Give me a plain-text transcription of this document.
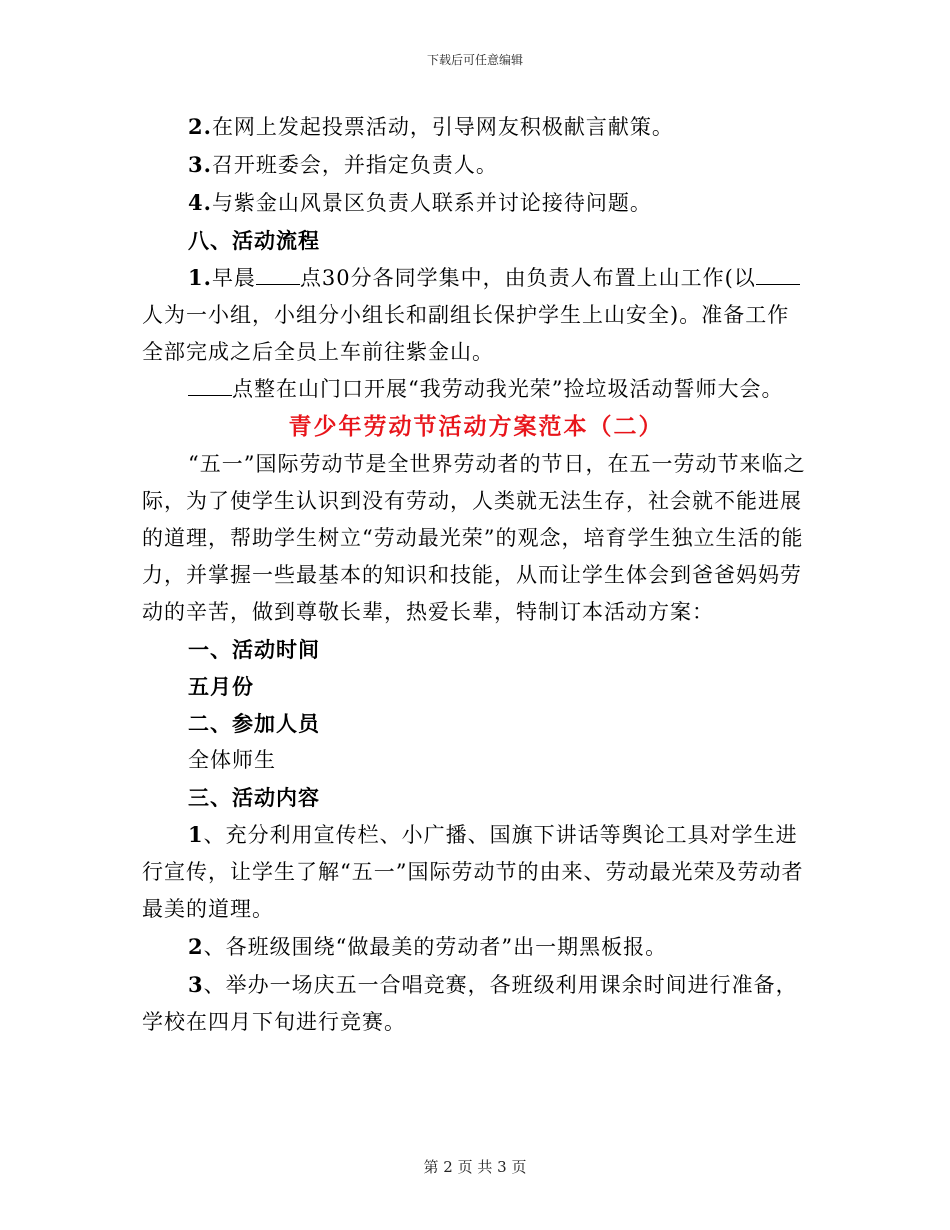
下载后可任意编辑

2.在网上发起投票活动，引导网友积极献言献策。

3.召开班委会，并指定负责人。

4.与紫金山风景区负责人联系并讨论接待问题。

八、活动流程

1.早晨 点30分各同学集中，由负责人布置上山工作(以人为一小组，小组分小组长和副组长保护学生上山安全)。准备工作全部完成之后全员上车前往紫金山。

点整在山门口开展“我劳动我光荣”捡垃圾活动誓师大会。

青少年劳动节活动方案范本（二）

“五一”国际劳动节是全世界劳动者的节日，在五一劳动节来临之际，为了使学生认识到没有劳动，人类就无法生存，社会就不能进展的道理，帮助学生树立“劳动最光荣”的观念，培育学生独立生活的能力，并掌握一些最基本的知识和技能，从而让学生体会到爸爸妈妈劳动的辛苦，做到尊敬长辈，热爱长辈，特制订本活动方案：

一、活动时间

五月份

二、参加人员

全体师生

三、活动内容

1、充分利用宣传栏、小广播、国旗下讲话等舆论工具对学生进行宣传，让学生了解“五一”国际劳动节的由来、劳动最光荣及劳动者最美的道理。

2、各班级围绕“做最美的劳动者”出一期黑板报。

3、举办一场庆五一合唱竞赛，各班级利用课余时间进行准备，学校在四月下旬进行竞赛。

第 2 页 共 3 页
